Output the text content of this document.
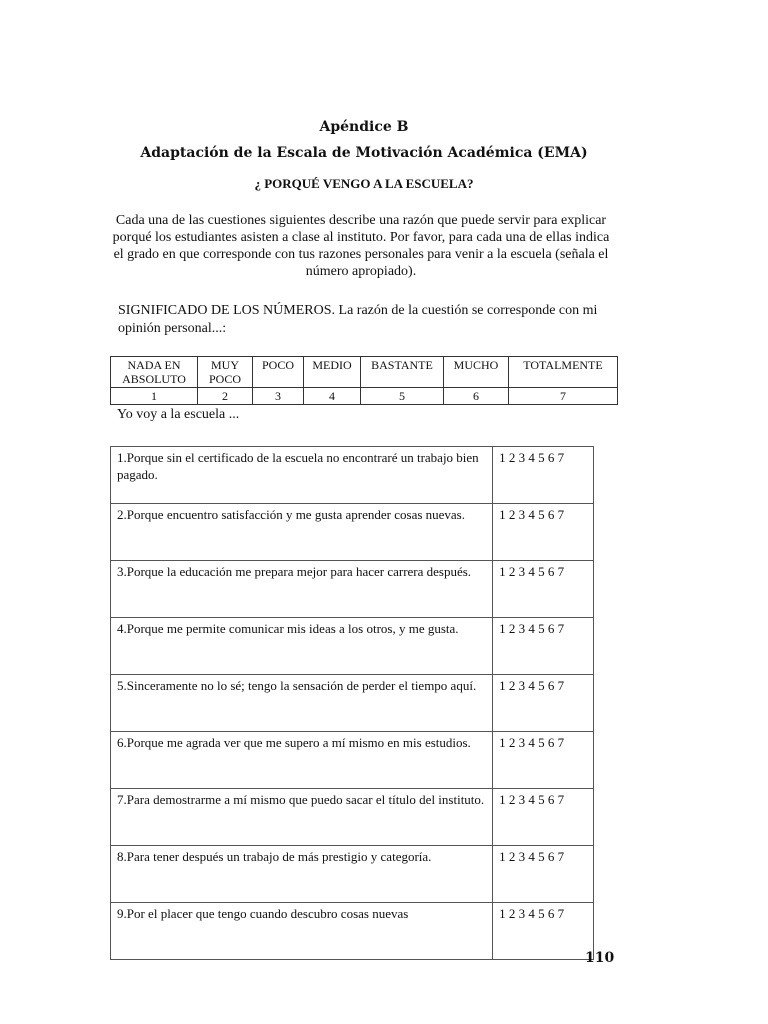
Apéndice B
Adaptación de la Escala de Motivación Académica (EMA)
¿ PORQUÉ VENGO A LA ESCUELA?
Cada una de las cuestiones siguientes describe una razón que puede servir para explicar porqué los estudiantes asisten a clase al instituto. Por favor, para cada una de ellas indica el grado en que corresponde con tus razones personales para venir a la escuela (señala el número apropiado).
SIGNIFICADO DE LOS NÚMEROS. La razón de la cuestión se corresponde con mi opinión personal...:
NADA EN ABSOLUTO	MUY POCO	POCO	MEDIO	BASTANTE	MUCHO	TOTALMENTE
1	2	3	4	5	6	7
Yo voy a la escuela ...
1.Porque sin el certificado de la escuela no encontraré un trabajo bien pagado.	1 2 3 4 5 6 7
2.Porque encuentro satisfacción y me gusta aprender cosas nuevas.	1 2 3 4 5 6 7
3.Porque la educación me prepara mejor para hacer carrera después.	1 2 3 4 5 6 7
4.Porque me permite comunicar mis ideas a los otros, y me gusta.	1 2 3 4 5 6 7
5.Sinceramente no lo sé; tengo la sensación de perder el tiempo aquí.	1 2 3 4 5 6 7
6.Porque me agrada ver que me supero a mí mismo en mis estudios.	1 2 3 4 5 6 7
7.Para demostrarme a mí mismo que puedo sacar el título del instituto.	1 2 3 4 5 6 7
8.Para tener después un trabajo de más prestigio y categoría.	1 2 3 4 5 6 7
9.Por el placer que tengo cuando descubro cosas nuevas	1 2 3 4 5 6 7
110
